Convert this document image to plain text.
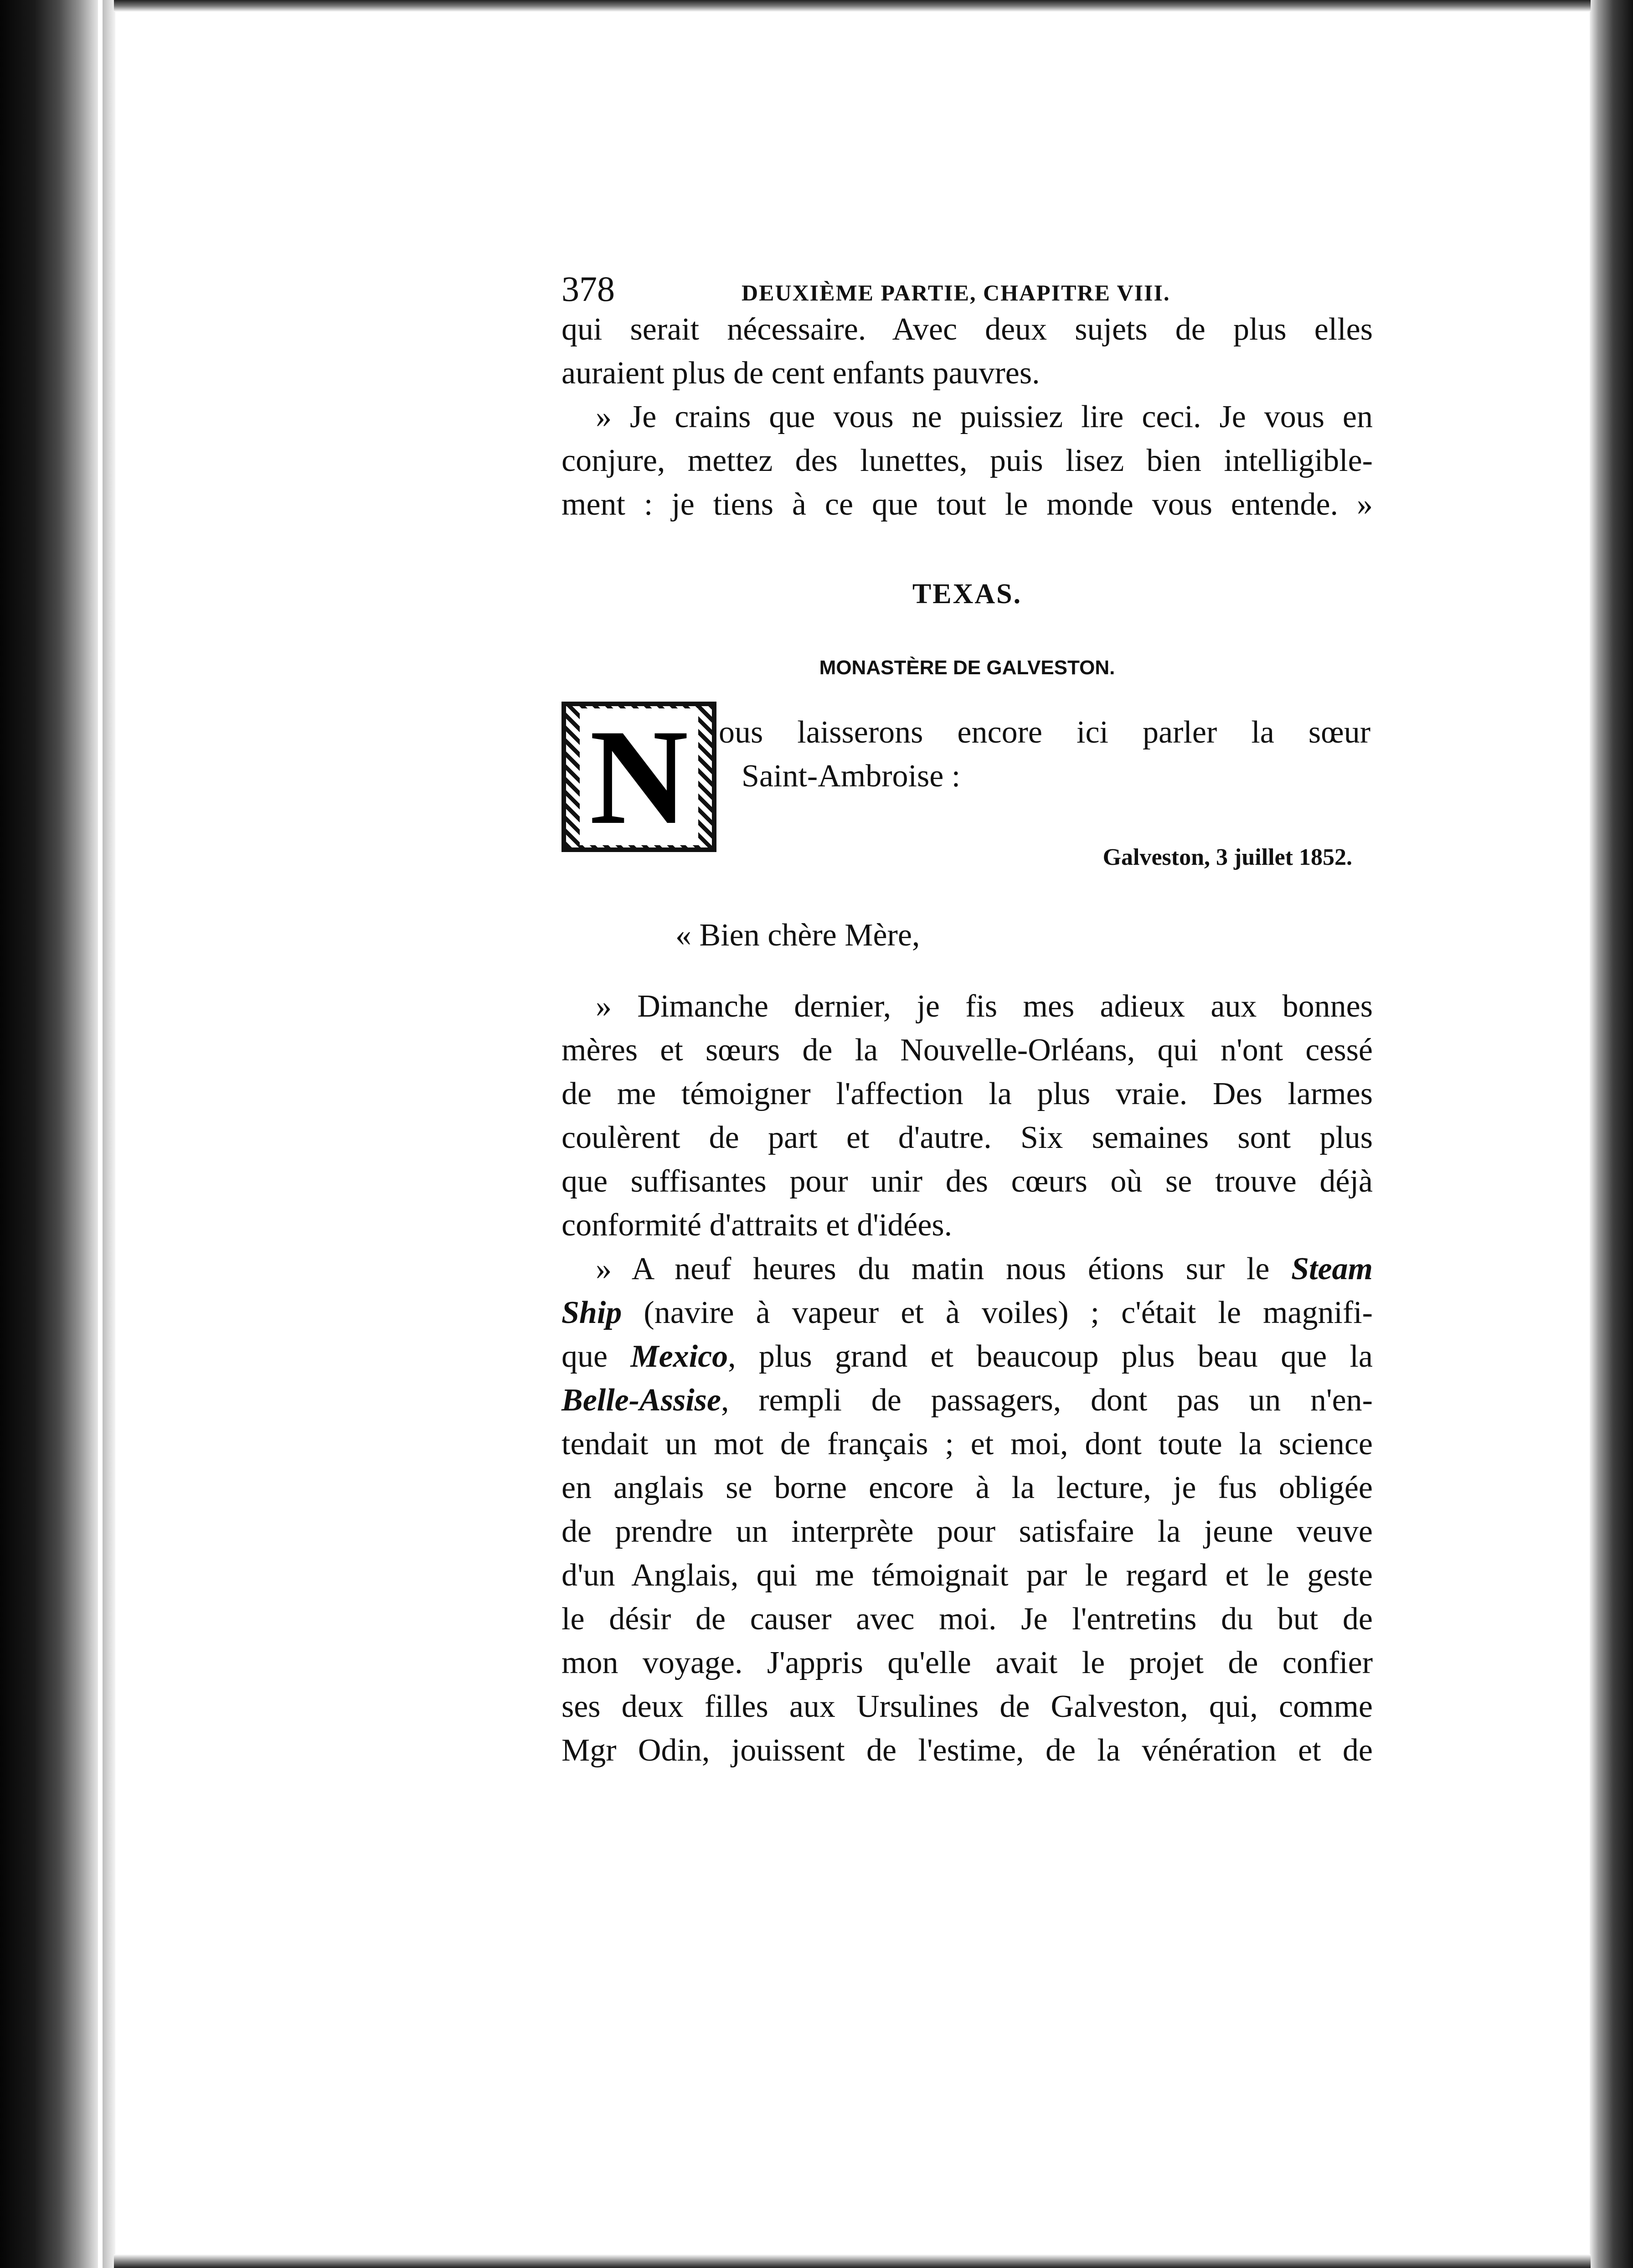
378	DEUXIÈME PARTIE, CHAPITRE VIII.
qui serait nécessaire. Avec deux sujets de plus elles
auraient plus de cent enfants pauvres.
» Je crains que vous ne puissiez lire ceci. Je vous en
conjure, mettez des lunettes, puis lisez bien intelligible-
ment : je tiens à ce que tout le monde vous entende. »
TEXAS.
MONASTÈRE DE GALVESTON.
N ous laisserons encore ici parler la sœur
Saint-Ambroise :
Galveston, 3 juillet 1852.
« Bien chère Mère,
» Dimanche dernier, je fis mes adieux aux bonnes
mères et sœurs de la Nouvelle-Orléans, qui n'ont cessé
de me témoigner l'affection la plus vraie. Des larmes
coulèrent de part et d'autre. Six semaines sont plus
que suffisantes pour unir des cœurs où se trouve déjà
conformité d'attraits et d'idées.
» A neuf heures du matin nous étions sur le Steam
Ship (navire à vapeur et à voiles) ; c'était le magnifi-
que Mexico, plus grand et beaucoup plus beau que la
Belle-Assise, rempli de passagers, dont pas un n'en-
tendait un mot de français ; et moi, dont toute la science
en anglais se borne encore à la lecture, je fus obligée
de prendre un interprète pour satisfaire la jeune veuve
d'un Anglais, qui me témoignait par le regard et le geste
le désir de causer avec moi. Je l'entretins du but de
mon voyage. J'appris qu'elle avait le projet de confier
ses deux filles aux Ursulines de Galveston, qui, comme
Mgr Odin, jouissent de l'estime, de la vénération et de
